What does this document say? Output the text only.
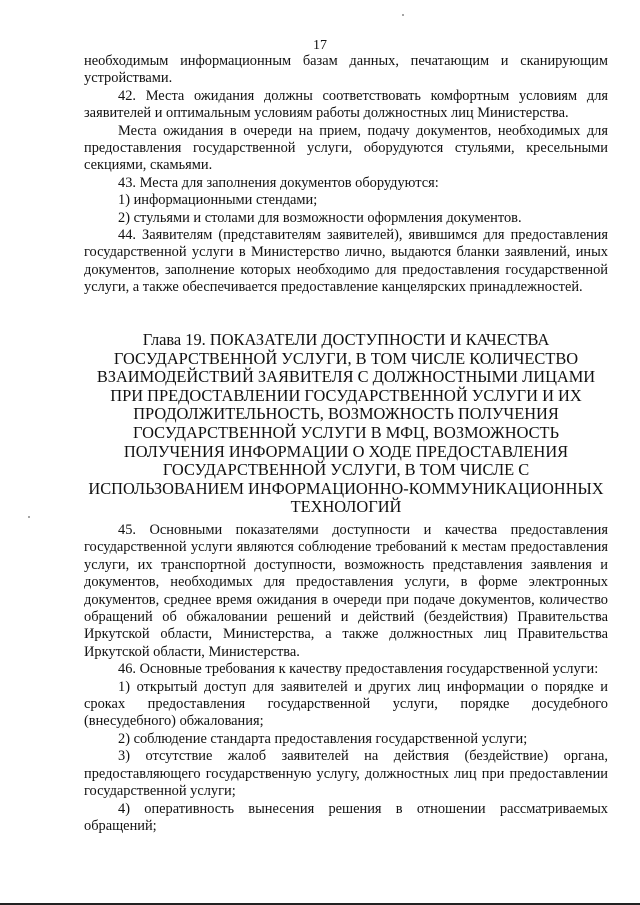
17

необходимым информационным базам данных, печатающим и сканирующим устройствами.

42. Места ожидания должны соответствовать комфортным условиям для заявителей и оптимальным условиям работы должностных лиц Министерства.

Места ожидания в очереди на прием, подачу документов, необходимых для предоставления государственной услуги, оборудуются стульями, кресельными секциями, скамьями.

43. Места для заполнения документов оборудуются:

1) информационными стендами;

2) стульями и столами для возможности оформления документов.

44. Заявителям (представителям заявителей), явившимся для предоставления государственной услуги в Министерство лично, выдаются бланки заявлений, иных документов, заполнение которых необходимо для предоставления государственной услуги, а также обеспечивается предоставление канцелярских принадлежностей.

Глава 19. ПОКАЗАТЕЛИ ДОСТУПНОСТИ И КАЧЕСТВА ГОСУДАРСТВЕННОЙ УСЛУГИ, В ТОМ ЧИСЛЕ КОЛИЧЕСТВО ВЗАИМОДЕЙСТВИЙ ЗАЯВИТЕЛЯ С ДОЛЖНОСТНЫМИ ЛИЦАМИ ПРИ ПРЕДОСТАВЛЕНИИ ГОСУДАРСТВЕННОЙ УСЛУГИ И ИХ ПРОДОЛЖИТЕЛЬНОСТЬ, ВОЗМОЖНОСТЬ ПОЛУЧЕНИЯ ГОСУДАРСТВЕННОЙ УСЛУГИ В МФЦ, ВОЗМОЖНОСТЬ ПОЛУЧЕНИЯ ИНФОРМАЦИИ О ХОДЕ ПРЕДОСТАВЛЕНИЯ ГОСУДАРСТВЕННОЙ УСЛУГИ, В ТОМ ЧИСЛЕ С ИСПОЛЬЗОВАНИЕМ ИНФОРМАЦИОННО-КОММУНИКАЦИОННЫХ ТЕХНОЛОГИЙ

45. Основными показателями доступности и качества предоставления государственной услуги являются соблюдение требований к местам предоставления услуги, их транспортной доступности, возможность представления заявления и документов, необходимых для предоставления услуги, в форме электронных документов, среднее время ожидания в очереди при подаче документов, количество обращений об обжаловании решений и действий (бездействия) Правительства Иркутской области, Министерства, а также должностных лиц Правительства Иркутской области, Министерства.

46. Основные требования к качеству предоставления государственной услуги:

1) открытый доступ для заявителей и других лиц информации о порядке и сроках предоставления государственной услуги, порядке досудебного (внесудебного) обжалования;

2) соблюдение стандарта предоставления государственной услуги;

3) отсутствие жалоб заявителей на действия (бездействие) органа, предоставляющего государственную услугу, должностных лиц при предоставлении государственной услуги;

4) оперативность вынесения решения в отношении рассматриваемых обращений;
